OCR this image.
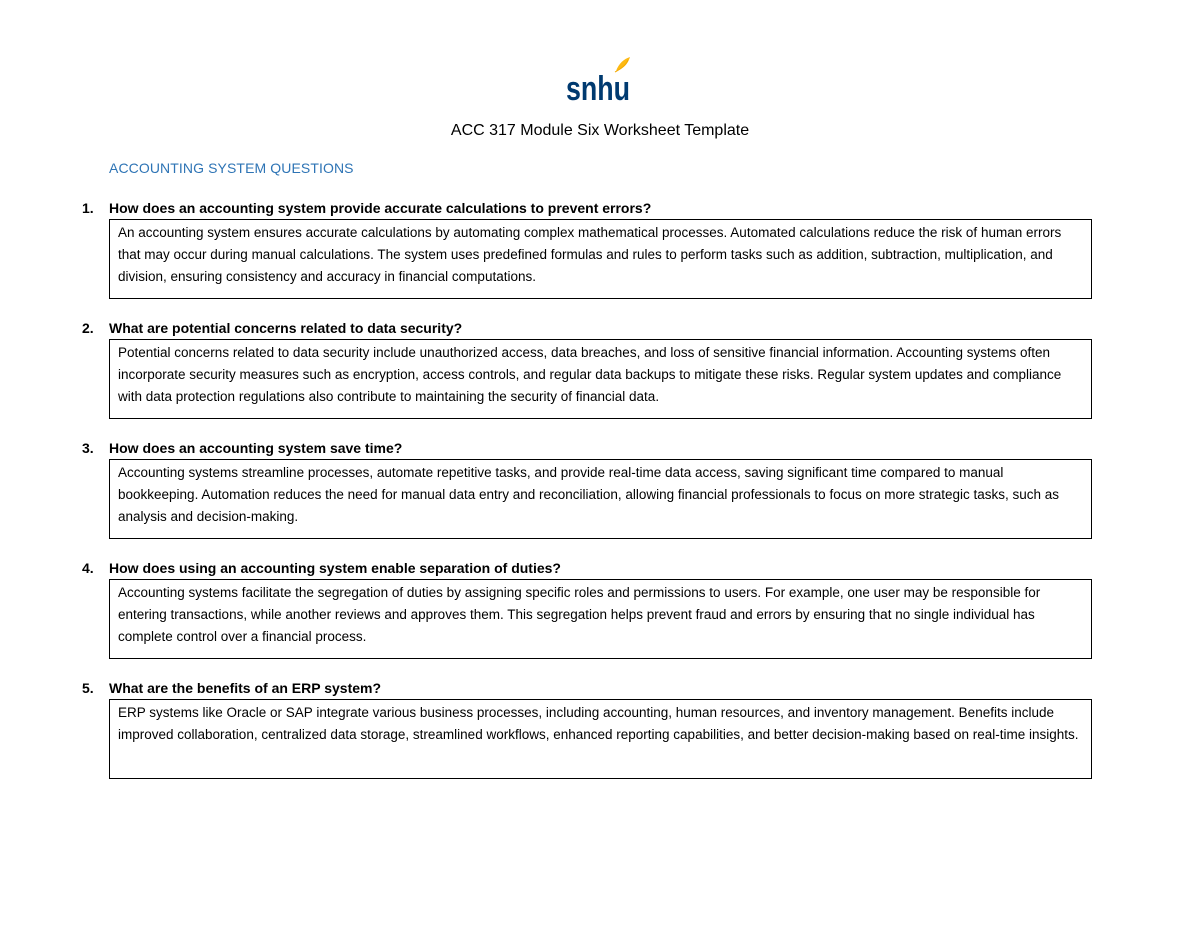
snhu
ACC 317 Module Six Worksheet Template
ACCOUNTING SYSTEM QUESTIONS
1.	How does an accounting system provide accurate calculations to prevent errors?
An accounting system ensures accurate calculations by automating complex mathematical processes. Automated calculations reduce the risk of human errors that may occur during manual calculations. The system uses predefined formulas and rules to perform tasks such as addition, subtraction, multiplication, and division, ensuring consistency and accuracy in financial computations.
2.	What are potential concerns related to data security?
Potential concerns related to data security include unauthorized access, data breaches, and loss of sensitive financial information. Accounting systems often incorporate security measures such as encryption, access controls, and regular data backups to mitigate these risks. Regular system updates and compliance with data protection regulations also contribute to maintaining the security of financial data.
3.	How does an accounting system save time?
Accounting systems streamline processes, automate repetitive tasks, and provide real-time data access, saving significant time compared to manual bookkeeping. Automation reduces the need for manual data entry and reconciliation, allowing financial professionals to focus on more strategic tasks, such as analysis and decision-making.
4.	How does using an accounting system enable separation of duties?
Accounting systems facilitate the segregation of duties by assigning specific roles and permissions to users. For example, one user may be responsible for entering transactions, while another reviews and approves them. This segregation helps prevent fraud and errors by ensuring that no single individual has complete control over a financial process.
5.	What are the benefits of an ERP system?
ERP systems like Oracle or SAP integrate various business processes, including accounting, human resources, and inventory management. Benefits include improved collaboration, centralized data storage, streamlined workflows, enhanced reporting capabilities, and better decision-making based on real-time insights.
